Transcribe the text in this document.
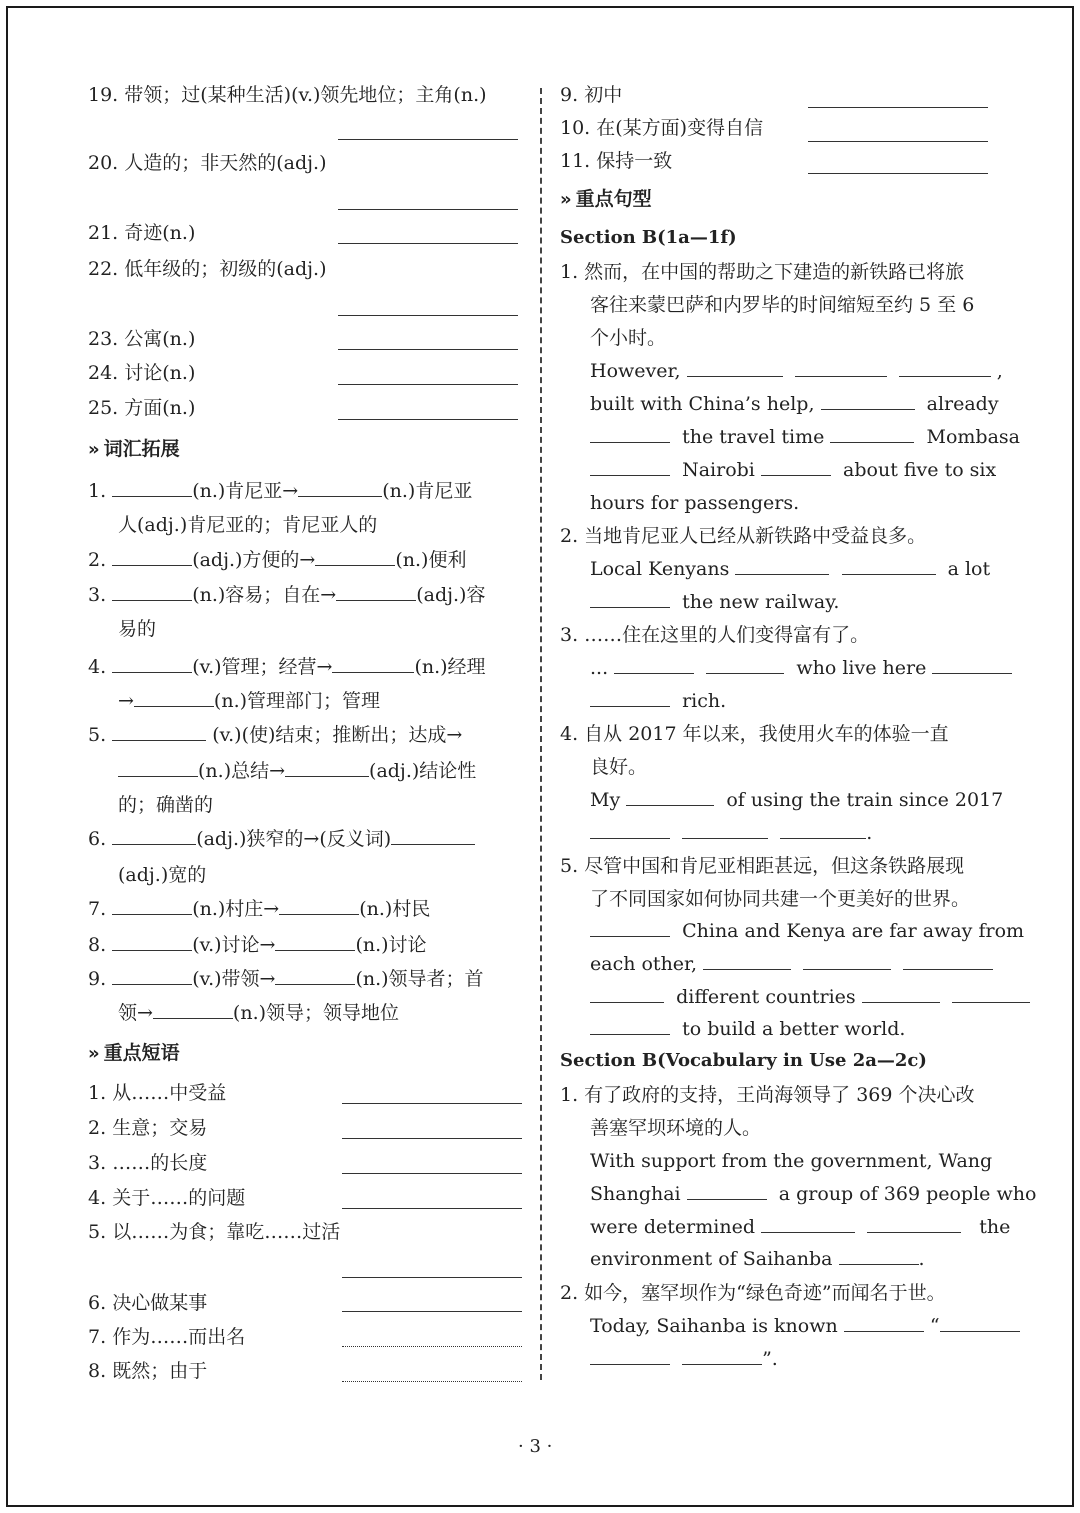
19. 带领；过(某种生活)(v.)领先地位；主角(n.)
20. 人造的；非天然的(adj.)
21. 奇迹(n.)
22. 低年级的；初级的(adj.)
23. 公寓(n.)
24. 讨论(n.)
25. 方面(n.)
» 词汇拓展
1.	(n.)肯尼亚→	(n.)肯尼亚
人(adj.)肯尼亚的；肯尼亚人的
2.	(adj.)方便的→	(n.)便利
3.	(n.)容易；自在→	(adj.)容
易的
4.	(v.)管理；经营→	(n.)经理
→	(n.)管理部门；管理
5.	(v.)(使)结束；推断出；达成→
(n.)总结→	(adj.)结论性
的；确凿的
6.	(adj.)狭窄的→(反义词)
(adj.)宽的
7.	(n.)村庄→	(n.)村民
8.	(v.)讨论→	(n.)讨论
9.	(v.)带领→	(n.)领导者；首
领→	(n.)领导；领导地位
» 重点短语
1. 从……中受益
2. 生意；交易
3. ……的长度
4. 关于……的问题
5. 以……为食；靠吃……过活
6. 决心做某事
7. 作为……而出名
8. 既然；由于
9. 初中
10. 在(某方面)变得自信
11. 保持一致
» 重点句型
Section B(1a—1f)
1. 然而，在中国的帮助之下建造的新铁路已将旅
客往来蒙巴萨和内罗毕的时间缩短至约 5 至 6
个小时。
However,	,
built with China’s help,	already
the travel time	Mombasa
Nairobi	about five to six
hours for passengers.
2. 当地肯尼亚人已经从新铁路中受益良多。
Local Kenyans	a lot
the new railway.
3. ……住在这里的人们变得富有了。
...	who live here
rich.
4. 自从 2017 年以来，我使用火车的体验一直
良好。
My	of using the train since 2017
.
5. 尽管中国和肯尼亚相距甚远，但这条铁路展现
了不同国家如何协同共建一个更美好的世界。
China and Kenya are far away from
each other,
different countries
to build a better world.
Section B(Vocabulary in Use 2a—2c)
1. 有了政府的支持，王尚海领导了 369 个决心改
善塞罕坝环境的人。
With support from the government, Wang
Shanghai	a group of 369 people who
were determined	the
environment of Saihanba	.
2. 如今，塞罕坝作为“绿色奇迹”而闻名于世。
Today, Saihanba is known	“
”.
· 3 ·
